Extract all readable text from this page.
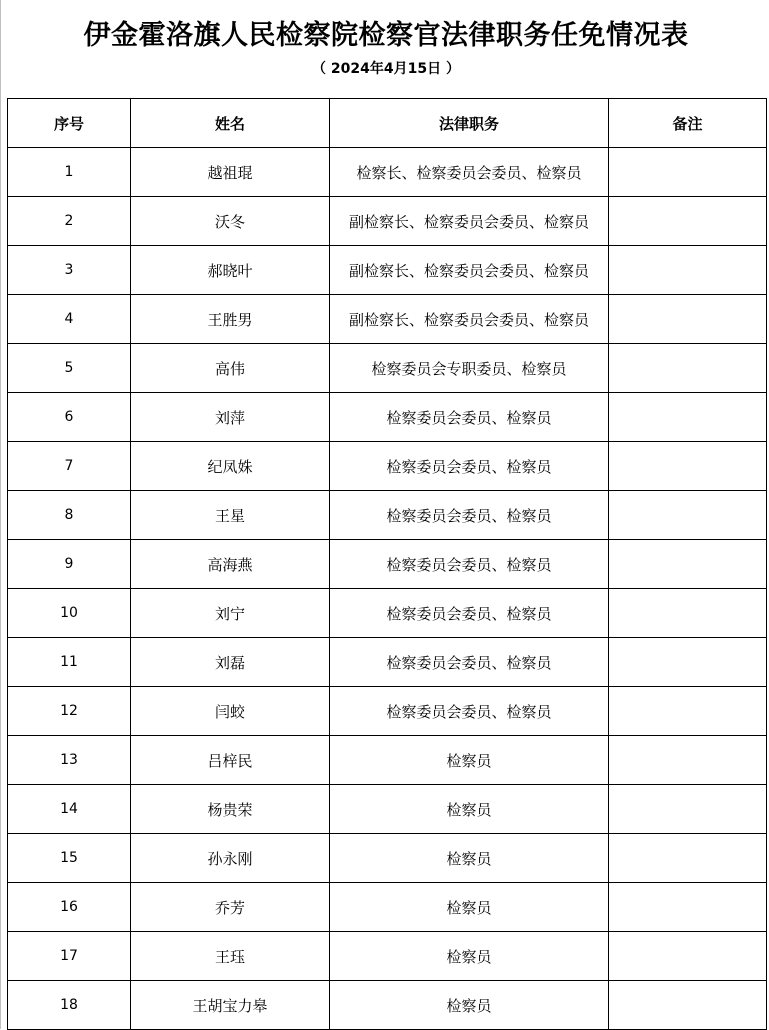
伊金霍洛旗人民检察院检察官法律职务任免情况表
（ 2024年4月15日 ）
序号	姓名	法律职务	备注
1	越祖琨	检察长、检察委员会委员、检察员	
2	沃冬	副检察长、检察委员会委员、检察员	
3	郝晓叶	副检察长、检察委员会委员、检察员	
4	王胜男	副检察长、检察委员会委员、检察员	
5	高伟	检察委员会专职委员、检察员	
6	刘萍	检察委员会委员、检察员	
7	纪凤姝	检察委员会委员、检察员	
8	王星	检察委员会委员、检察员	
9	高海燕	检察委员会委员、检察员	
10	刘宁	检察委员会委员、检察员	
11	刘磊	检察委员会委员、检察员	
12	闫蛟	检察委员会委员、检察员	
13	吕梓民	检察员	
14	杨贵荣	检察员	
15	孙永刚	检察员	
16	乔芳	检察员	
17	王珏	检察员	
18	王胡宝力皋	检察员	
